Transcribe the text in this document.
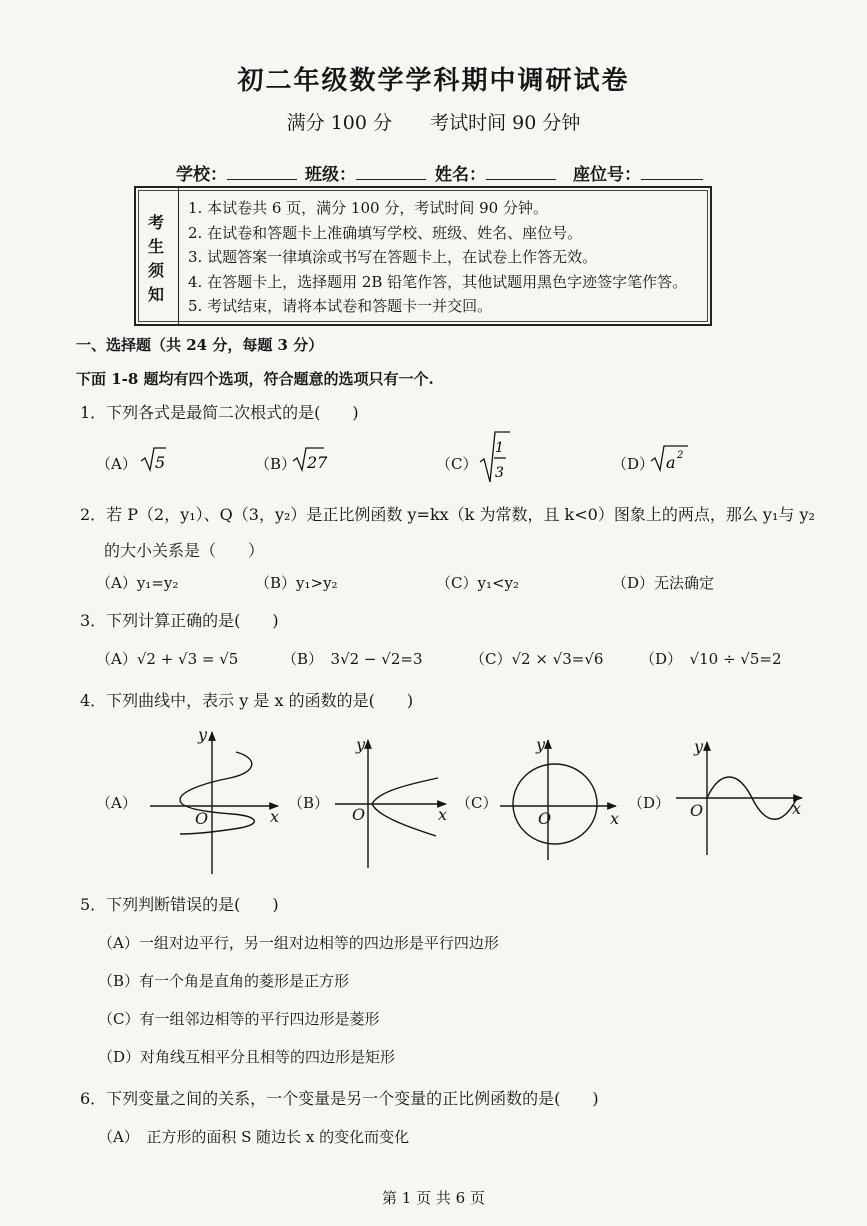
初二年级数学学科期中调研试卷
满分 100 分 考试时间 90 分钟
学校：	班级：	姓名：	座位号：
考
生
须
知
1. 本试卷共 6 页，满分 100 分，考试时间 90 分钟。
2. 在试卷和答题卡上准确填写学校、班级、姓名、座位号。
3. 试题答案一律填涂或书写在答题卡上，在试卷上作答无效。
4. 在答题卡上，选择题用 2B 铅笔作答，其他试题用黑色字迹签字笔作答。
5. 考试结束，请将本试卷和答题卡一并交回。
一、选择题（共 24 分，每题 3 分）
下面 1-8 题均有四个选项，符合题意的选项只有一个.
1．下列各式是最简二次根式的是(　　)
（A）	（B）	（C）	（D）
5	27
1
3
a 2
2．若 P（2，y₁）、Q（3，y₂）是正比例函数 y=kx（k 为常数，且 k<0）图象上的两点，那么 y₁与 y₂
的大小关系是（　　）
（A）y₁=y₂	（B）y₁>y₂	（C）y₁<y₂	（D）无法确定
3．下列计算正确的是(　　)
（A）√2 + √3 = √5	（B）　3√2 − √2=3	（C）√2 × √3=√6 （D）　√10 ÷ √5=2
4．下列曲线中，表示 y 是 x 的函数的是(　　)
（A）	（B）	（C）	（D）
y
x
O
y
x
O
y
x
O
y
x
O
5．下列判断错误的是(　　)
（A）一组对边平行，另一组对边相等的四边形是平行四边形
（B）有一个角是直角的菱形是正方形
（C）有一组邻边相等的平行四边形是菱形
（D）对角线互相平分且相等的四边形是矩形
6．下列变量之间的关系，一个变量是另一个变量的正比例函数的是(　　)
（A）　正方形的面积 S 随边长 x 的变化而变化
第 1 页 共 6 页
